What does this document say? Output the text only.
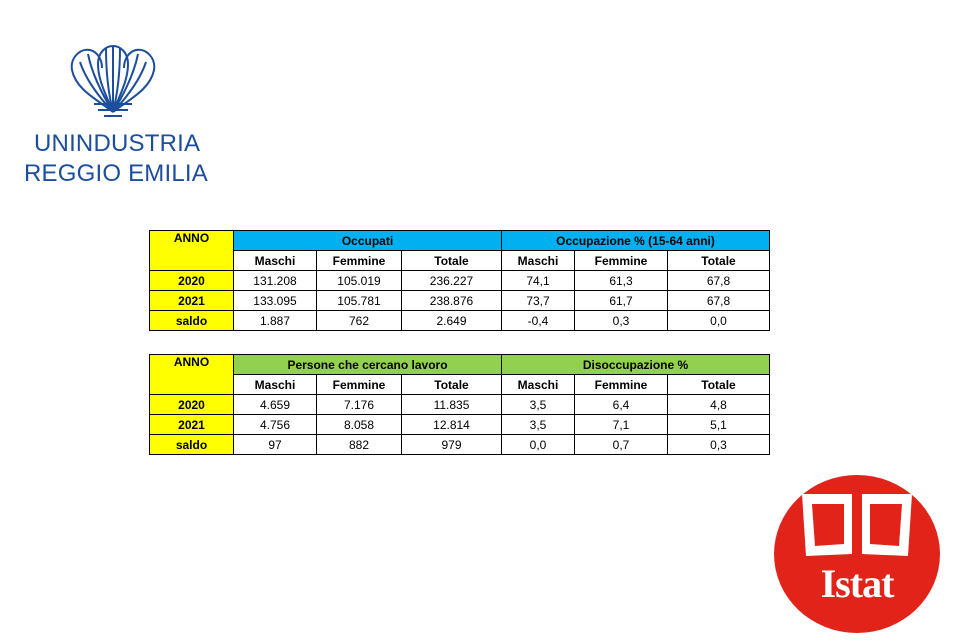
UNINDUSTRIA
REGGIO EMILIA
ANNO	Occupati			Occupazione % (15-64 anni)		
	Maschi	Femmine	Totale	Maschi	Femmine	Totale
2020	131.208	105.019	236.227	74,1	61,3	67,8
2021	133.095	105.781	238.876	73,7	61,7	67,8
saldo	1.887	762	2.649	-0,4	0,3	0,0
ANNO	Persone che cercano lavoro			Disoccupazione %		
	Maschi	Femmine	Totale	Maschi	Femmine	Totale
2020	4.659	7.176	11.835	3,5	6,4	4,8
2021	4.756	8.058	12.814	3,5	7,1	5,1
saldo	97	882	979	0,0	0,7	0,3
Istat
